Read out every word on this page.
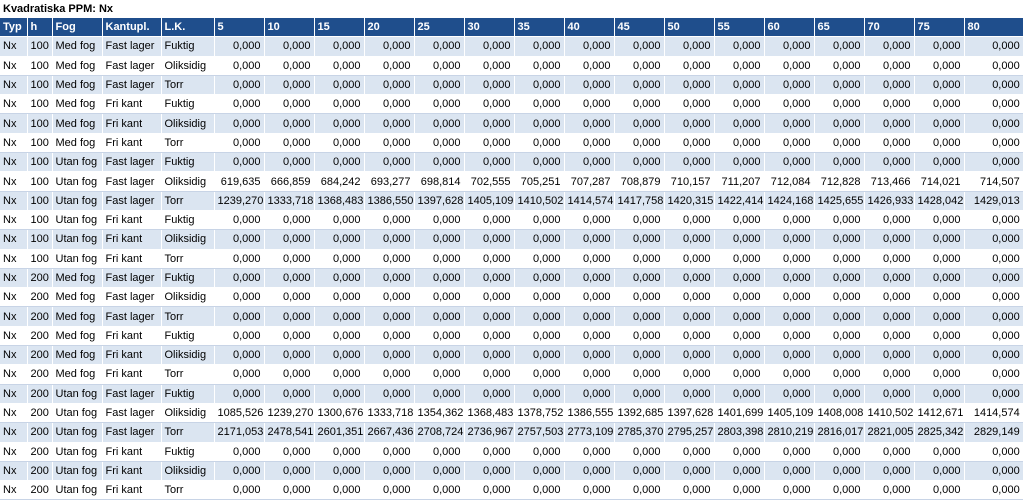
Kvadratiska PPM: Nx																				
Typ	h	Fog	Kantupl.	L.K.	5	10	15	20	25	30	35	40	45	50	55	60	65	70	75	80
Nx	100	Med fog	Fast lager	Fuktig	0,000	0,000	0,000	0,000	0,000	0,000	0,000	0,000	0,000	0,000	0,000	0,000	0,000	0,000	0,000	0,000
Nx	100	Med fog	Fast lager	Oliksidig	0,000	0,000	0,000	0,000	0,000	0,000	0,000	0,000	0,000	0,000	0,000	0,000	0,000	0,000	0,000	0,000
Nx	100	Med fog	Fast lager	Torr	0,000	0,000	0,000	0,000	0,000	0,000	0,000	0,000	0,000	0,000	0,000	0,000	0,000	0,000	0,000	0,000
Nx	100	Med fog	Fri kant	Fuktig	0,000	0,000	0,000	0,000	0,000	0,000	0,000	0,000	0,000	0,000	0,000	0,000	0,000	0,000	0,000	0,000
Nx	100	Med fog	Fri kant	Oliksidig	0,000	0,000	0,000	0,000	0,000	0,000	0,000	0,000	0,000	0,000	0,000	0,000	0,000	0,000	0,000	0,000
Nx	100	Med fog	Fri kant	Torr	0,000	0,000	0,000	0,000	0,000	0,000	0,000	0,000	0,000	0,000	0,000	0,000	0,000	0,000	0,000	0,000
Nx	100	Utan fog	Fast lager	Fuktig	0,000	0,000	0,000	0,000	0,000	0,000	0,000	0,000	0,000	0,000	0,000	0,000	0,000	0,000	0,000	0,000
Nx	100	Utan fog	Fast lager	Oliksidig	619,635	666,859	684,242	693,277	698,814	702,555	705,251	707,287	708,879	710,157	711,207	712,084	712,828	713,466	714,021	714,507
Nx	100	Utan fog	Fast lager	Torr	1239,270	1333,718	1368,483	1386,550	1397,628	1405,109	1410,502	1414,574	1417,758	1420,315	1422,414	1424,168	1425,655	1426,933	1428,042	1429,013
Nx	100	Utan fog	Fri kant	Fuktig	0,000	0,000	0,000	0,000	0,000	0,000	0,000	0,000	0,000	0,000	0,000	0,000	0,000	0,000	0,000	0,000
Nx	100	Utan fog	Fri kant	Oliksidig	0,000	0,000	0,000	0,000	0,000	0,000	0,000	0,000	0,000	0,000	0,000	0,000	0,000	0,000	0,000	0,000
Nx	100	Utan fog	Fri kant	Torr	0,000	0,000	0,000	0,000	0,000	0,000	0,000	0,000	0,000	0,000	0,000	0,000	0,000	0,000	0,000	0,000
Nx	200	Med fog	Fast lager	Fuktig	0,000	0,000	0,000	0,000	0,000	0,000	0,000	0,000	0,000	0,000	0,000	0,000	0,000	0,000	0,000	0,000
Nx	200	Med fog	Fast lager	Oliksidig	0,000	0,000	0,000	0,000	0,000	0,000	0,000	0,000	0,000	0,000	0,000	0,000	0,000	0,000	0,000	0,000
Nx	200	Med fog	Fast lager	Torr	0,000	0,000	0,000	0,000	0,000	0,000	0,000	0,000	0,000	0,000	0,000	0,000	0,000	0,000	0,000	0,000
Nx	200	Med fog	Fri kant	Fuktig	0,000	0,000	0,000	0,000	0,000	0,000	0,000	0,000	0,000	0,000	0,000	0,000	0,000	0,000	0,000	0,000
Nx	200	Med fog	Fri kant	Oliksidig	0,000	0,000	0,000	0,000	0,000	0,000	0,000	0,000	0,000	0,000	0,000	0,000	0,000	0,000	0,000	0,000
Nx	200	Med fog	Fri kant	Torr	0,000	0,000	0,000	0,000	0,000	0,000	0,000	0,000	0,000	0,000	0,000	0,000	0,000	0,000	0,000	0,000
Nx	200	Utan fog	Fast lager	Fuktig	0,000	0,000	0,000	0,000	0,000	0,000	0,000	0,000	0,000	0,000	0,000	0,000	0,000	0,000	0,000	0,000
Nx	200	Utan fog	Fast lager	Oliksidig	1085,526	1239,270	1300,676	1333,718	1354,362	1368,483	1378,752	1386,555	1392,685	1397,628	1401,699	1405,109	1408,008	1410,502	1412,671	1414,574
Nx	200	Utan fog	Fast lager	Torr	2171,053	2478,541	2601,351	2667,436	2708,724	2736,967	2757,503	2773,109	2785,370	2795,257	2803,398	2810,219	2816,017	2821,005	2825,342	2829,149
Nx	200	Utan fog	Fri kant	Fuktig	0,000	0,000	0,000	0,000	0,000	0,000	0,000	0,000	0,000	0,000	0,000	0,000	0,000	0,000	0,000	0,000
Nx	200	Utan fog	Fri kant	Oliksidig	0,000	0,000	0,000	0,000	0,000	0,000	0,000	0,000	0,000	0,000	0,000	0,000	0,000	0,000	0,000	0,000
Nx	200	Utan fog	Fri kant	Torr	0,000	0,000	0,000	0,000	0,000	0,000	0,000	0,000	0,000	0,000	0,000	0,000	0,000	0,000	0,000	0,000
